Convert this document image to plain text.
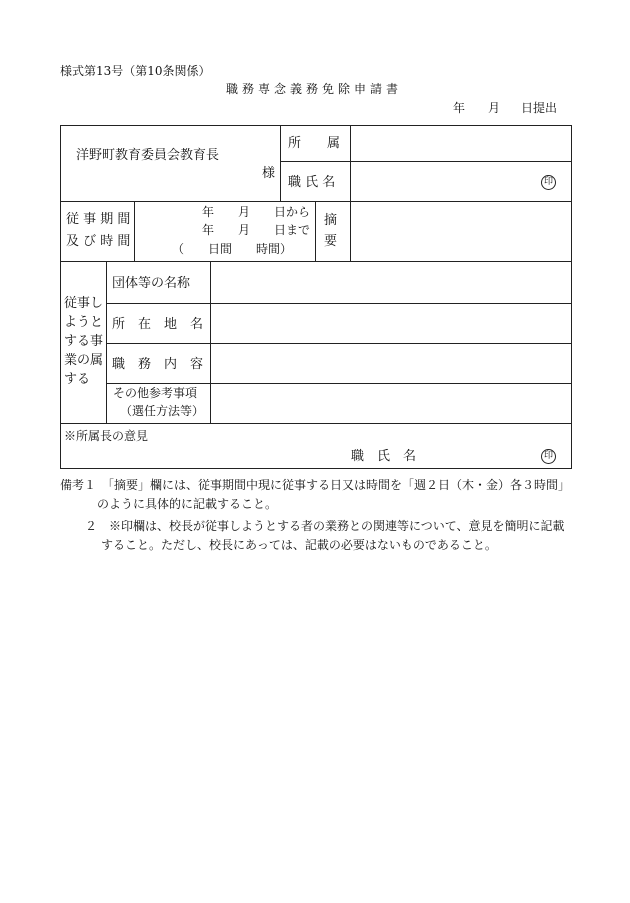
様式第13号（第10条関係）
職務専念義務免除申請書
年 月 日提出
洋野町教育委員会教育長
様
所　　属
職 氏 名	印
従 事 期 間
及 び 時 間
年　　月　　日から
年　　月　　日まで
（　　日間　　時間）
摘
要
従事し
ようと
する事
業の属
する
団体等の名称
所　在　地　名
職　務　内　容
その他参考事項
（選任方法等）
※所属長の意見
職　氏　名	印
備考１　「摘要」欄には、従事期間中現に従事する日又は時間を「週２日（木・金）各３時間」
のように具体的に記載すること。
２　※印欄は、校長が従事しようとする者の業務との関連等について、意見を簡明に記載
すること。ただし、校長にあっては、記載の必要はないものであること。
